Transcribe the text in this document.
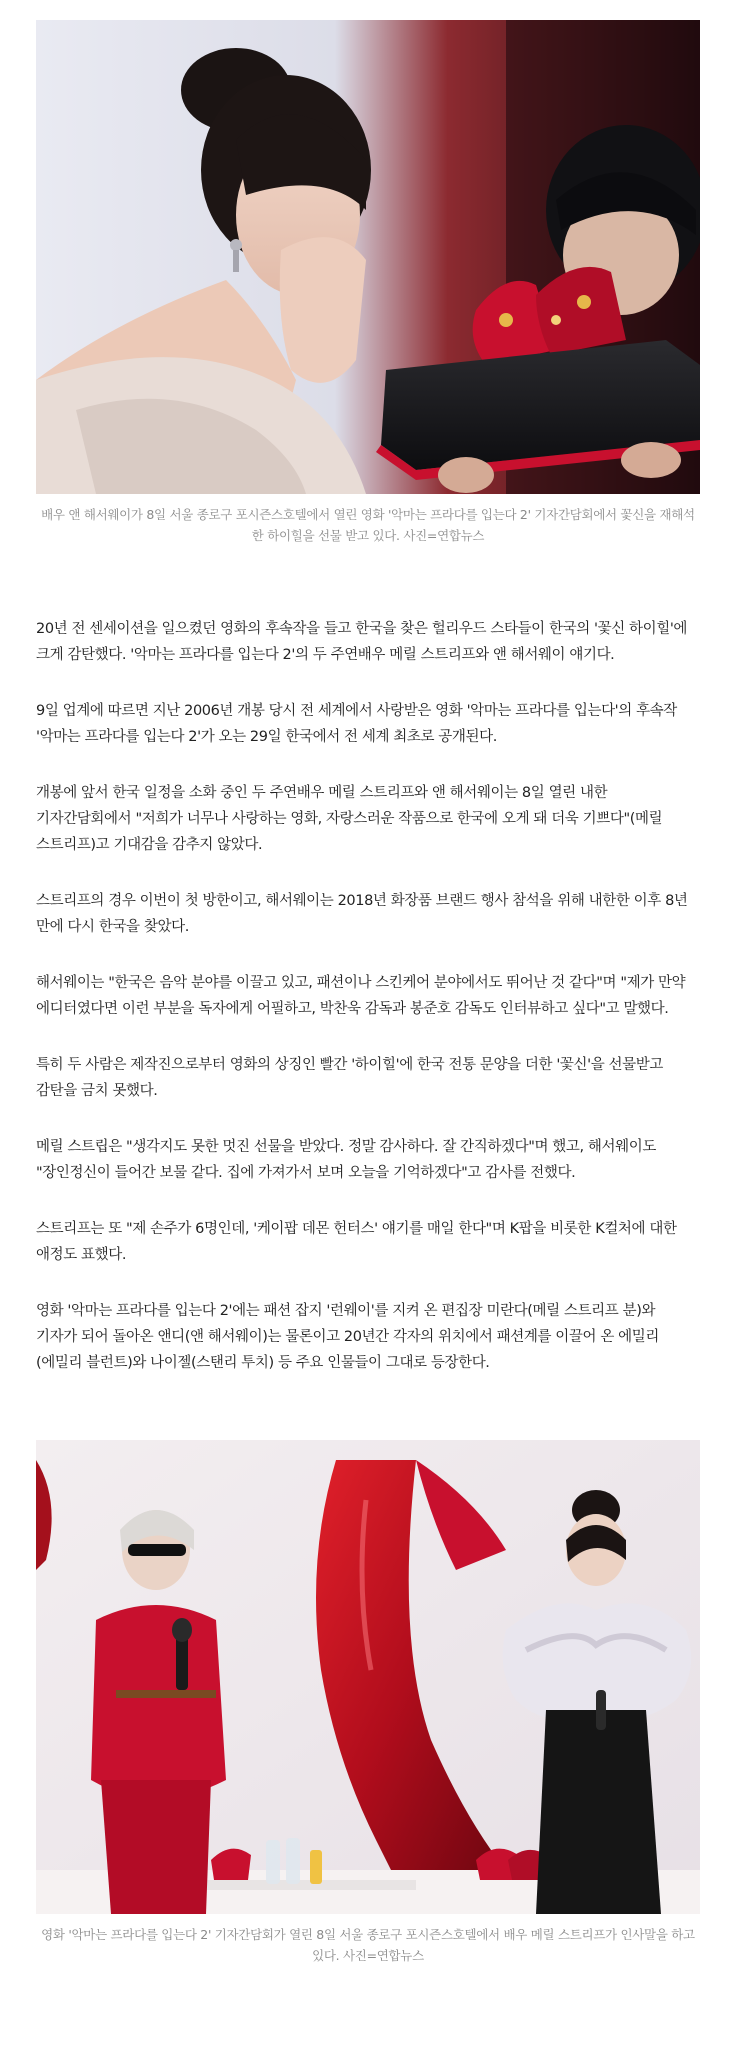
배우 앤 해서웨이가 8일 서울 종로구 포시즌스호텔에서 열린 영화 '악마는 프라다를 입는다 2' 기자간담회에서 꽃신을 재해석한 하이힐을 선물 받고 있다. 사진=연합뉴스

20년 전 센세이션을 일으켰던 영화의 후속작을 들고 한국을 찾은 헐리우드 스타들이 한국의 '꽃신 하이힐'에 크게 감탄했다. '악마는 프라다를 입는다 2'의 두 주연배우 메릴 스트리프와 앤 해서웨이 얘기다.

9일 업계에 따르면 지난 2006년 개봉 당시 전 세계에서 사랑받은 영화 '악마는 프라다를 입는다'의 후속작 '악마는 프라다를 입는다 2'가 오는 29일 한국에서 전 세계 최초로 공개된다.

개봉에 앞서 한국 일정을 소화 중인 두 주연배우 메릴 스트리프와 앤 해서웨이는 8일 열린 내한 기자간담회에서 "저희가 너무나 사랑하는 영화, 자랑스러운 작품으로 한국에 오게 돼 더욱 기쁘다"(메릴 스트리프)고 기대감을 감추지 않았다.

스트리프의 경우 이번이 첫 방한이고, 해서웨이는 2018년 화장품 브랜드 행사 참석을 위해 내한한 이후 8년 만에 다시 한국을 찾았다.

해서웨이는 "한국은 음악 분야를 이끌고 있고, 패션이나 스킨케어 분야에서도 뛰어난 것 같다"며 "제가 만약 에디터였다면 이런 부분을 독자에게 어필하고, 박찬욱 감독과 봉준호 감독도 인터뷰하고 싶다"고 말했다.

특히 두 사람은 제작진으로부터 영화의 상징인 빨간 '하이힐'에 한국 전통 문양을 더한 '꽃신'을 선물받고 감탄을 금치 못했다.

메릴 스트립은 "생각지도 못한 멋진 선물을 받았다. 정말 감사하다. 잘 간직하겠다"며 했고, 해서웨이도 "장인정신이 들어간 보물 같다. 집에 가져가서 보며 오늘을 기억하겠다"고 감사를 전했다.

스트리프는 또 "제 손주가 6명인데, '케이팝 데몬 헌터스' 얘기를 매일 한다"며 K팝을 비롯한 K컬처에 대한 애정도 표했다.

영화 '악마는 프라다를 입는다 2'에는 패션 잡지 '런웨이'를 지켜 온 편집장 미란다(메릴 스트리프 분)와 기자가 되어 돌아온 앤디(앤 해서웨이)는 물론이고 20년간 각자의 위치에서 패션계를 이끌어 온 에밀리(에밀리 블런트)와 나이젤(스탠리 투치) 등 주요 인물들이 그대로 등장한다.

영화 '악마는 프라다를 입는다 2' 기자간담회가 열린 8일 서울 종로구 포시즌스호텔에서 배우 메릴 스트리프가 인사말을 하고 있다. 사진=연합뉴스
